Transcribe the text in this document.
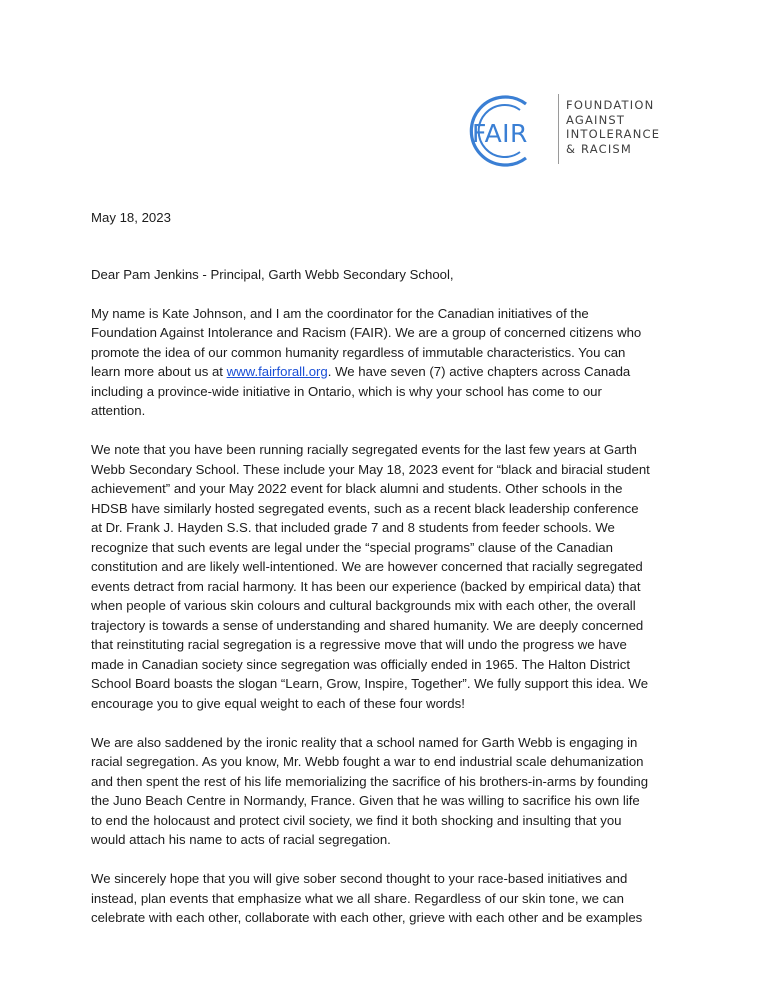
FAIR
FOUNDATION
AGAINST
INTOLERANCE
& RACISM
May 18, 2023
Dear Pam Jenkins - Principal, Garth Webb Secondary School,
My name is Kate Johnson, and I am the coordinator for the Canadian initiatives of the
Foundation Against Intolerance and Racism (FAIR). We are a group of concerned citizens who
promote the idea of our common humanity regardless of immutable characteristics. You can
learn more about us at www.fairforall.org. We have seven (7) active chapters across Canada
including a province-wide initiative in Ontario, which is why your school has come to our
attention.
We note that you have been running racially segregated events for the last few years at Garth
Webb Secondary School. These include your May 18, 2023 event for “black and biracial student
achievement” and your May 2022 event for black alumni and students. Other schools in the
HDSB have similarly hosted segregated events, such as a recent black leadership conference
at Dr. Frank J. Hayden S.S. that included grade 7 and 8 students from feeder schools. We
recognize that such events are legal under the “special programs” clause of the Canadian
constitution and are likely well-intentioned. We are however concerned that racially segregated
events detract from racial harmony. It has been our experience (backed by empirical data) that
when people of various skin colours and cultural backgrounds mix with each other, the overall
trajectory is towards a sense of understanding and shared humanity. We are deeply concerned
that reinstituting racial segregation is a regressive move that will undo the progress we have
made in Canadian society since segregation was officially ended in 1965. The Halton District
School Board boasts the slogan “Learn, Grow, Inspire, Together”. We fully support this idea. We
encourage you to give equal weight to each of these four words!
We are also saddened by the ironic reality that a school named for Garth Webb is engaging in
racial segregation. As you know, Mr. Webb fought a war to end industrial scale dehumanization
and then spent the rest of his life memorializing the sacrifice of his brothers-in-arms by founding
the Juno Beach Centre in Normandy, France. Given that he was willing to sacrifice his own life
to end the holocaust and protect civil society, we find it both shocking and insulting that you
would attach his name to acts of racial segregation.
We sincerely hope that you will give sober second thought to your race-based initiatives and
instead, plan events that emphasize what we all share. Regardless of our skin tone, we can
celebrate with each other, collaborate with each other, grieve with each other and be examples
